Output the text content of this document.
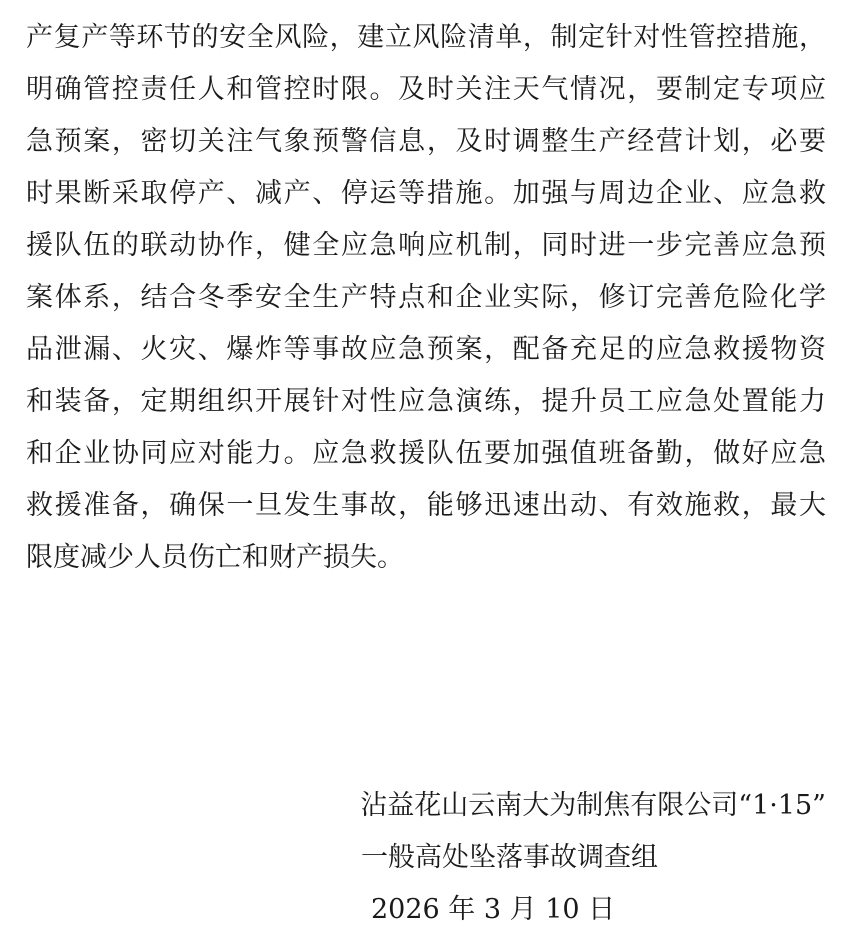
产复产等环节的安全风险，建立风险清单，制定针对性管控措施，
明确管控责任人和管控时限。及时关注天气情况，要制定专项应
急预案，密切关注气象预警信息，及时调整生产经营计划，必要
时果断采取停产、减产、停运等措施。加强与周边企业、应急救
援队伍的联动协作，健全应急响应机制，同时进一步完善应急预
案体系，结合冬季安全生产特点和企业实际，修订完善危险化学
品泄漏、火灾、爆炸等事故应急预案，配备充足的应急救援物资
和装备，定期组织开展针对性应急演练，提升员工应急处置能力
和企业协同应对能力。应急救援队伍要加强值班备勤，做好应急
救援准备，确保一旦发生事故，能够迅速出动、有效施救，最大
限度减少人员伤亡和财产损失。
沾益花山云南大为制焦有限公司“1·15”
一般高处坠落事故调查组
2026 年 3 月 10 日
